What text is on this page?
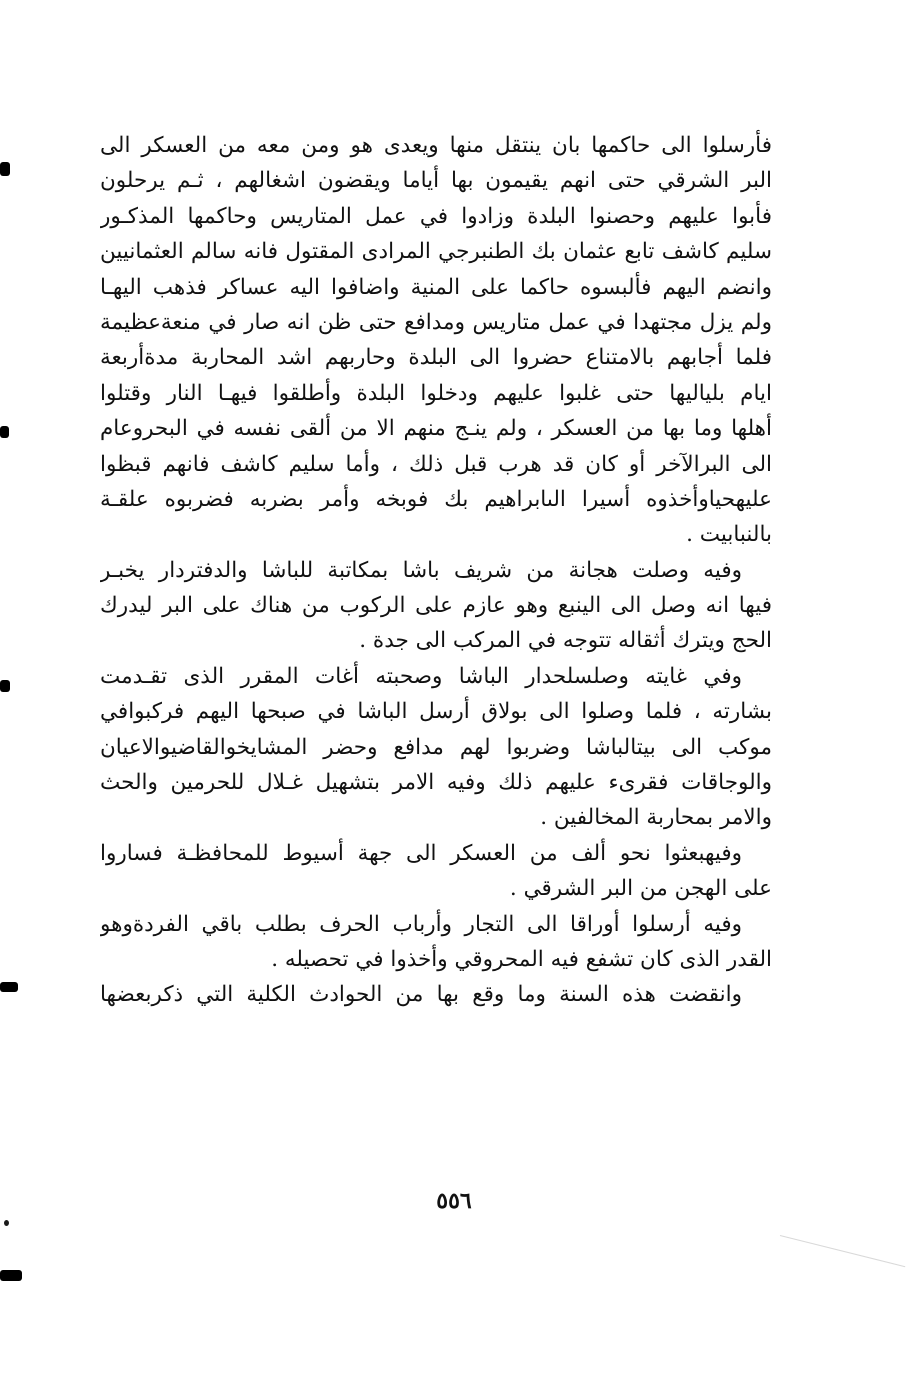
فأرسلوا الى حاكمها بان ينتقل منها ويعدى هو ومن معه من العسكر الى
البر الشرقي حتى انهم يقيمون بها أياما ويقضون اشغالهم ، ثـم يرحلون
فأبوا عليهم وحصنوا البلدة وزادوا في عمل المتاريس وحاكمها المذكـور
سليم كاشف تابع عثمان بك الطنبرجي المرادى المقتول فانه سالم العثمانيين
وانضم اليهم فألبسوه حاكما على المنية واضافوا اليه عساكر فذهب اليهـا
ولم يزل مجتهدا في عمل متاريس ومدافع حتى ظن انه صار في منعةعظيمة
فلما أجابهم بالامتناع حضروا الى البلدة وحاربهم اشد المحاربة مدةأربعة
ايام بلياليها حتى غلبوا عليهم ودخلوا البلدة وأطلقوا فيهـا النار وقتلوا
أهلها وما بها من العسكر ، ولم ينـج منهم الا من ألقى نفسه في البحروعام
الى البرالآخر أو كان قد هرب قبل ذلك ، وأما سليم كاشف فانهم قبظوا
عليهحياوأخذوه أسيرا الىابراهيم بك فوبخه وأمر بضربه فضربوه علقـة
بالنبابيت .
وفيه وصلت هجانة من شريف باشا بمكاتبة للباشا والدفتردار يخبـر
فيها انه وصل الى الينبع وهو عازم على الركوب من هناك على البر ليدرك
الحج ويترك أثقاله تتوجه في المركب الى جدة .
وفي غايته وصلسلحدار الباشا وصحبته أغات المقرر الذى تقـدمت
بشارته ، فلما وصلوا الى بولاق أرسل الباشا في صبحها اليهم فركبوافي
موكب الى بيتالباشا وضربوا لهم مدافع وحضر المشايخوالقاضيوالاعيان
والوجاقات فقرىء عليهم ذلك وفيه الامر بتشهيل غـلال للحرمين والحث
والامر بمحاربة المخالفين .
وفيهبعثوا نحو ألف من العسكر الى جهة أسيوط للمحافظـة فساروا
على الهجن من البر الشرقي .
وفيه أرسلوا أوراقا الى التجار وأرباب الحرف بطلب باقي الفردةوهو
القدر الذى كان تشفع فيه المحروقي وأخذوا في تحصيله .
وانقضت هذه السنة وما وقع بها من الحوادث الكلية التي ذكربعضها
٥٥٦
